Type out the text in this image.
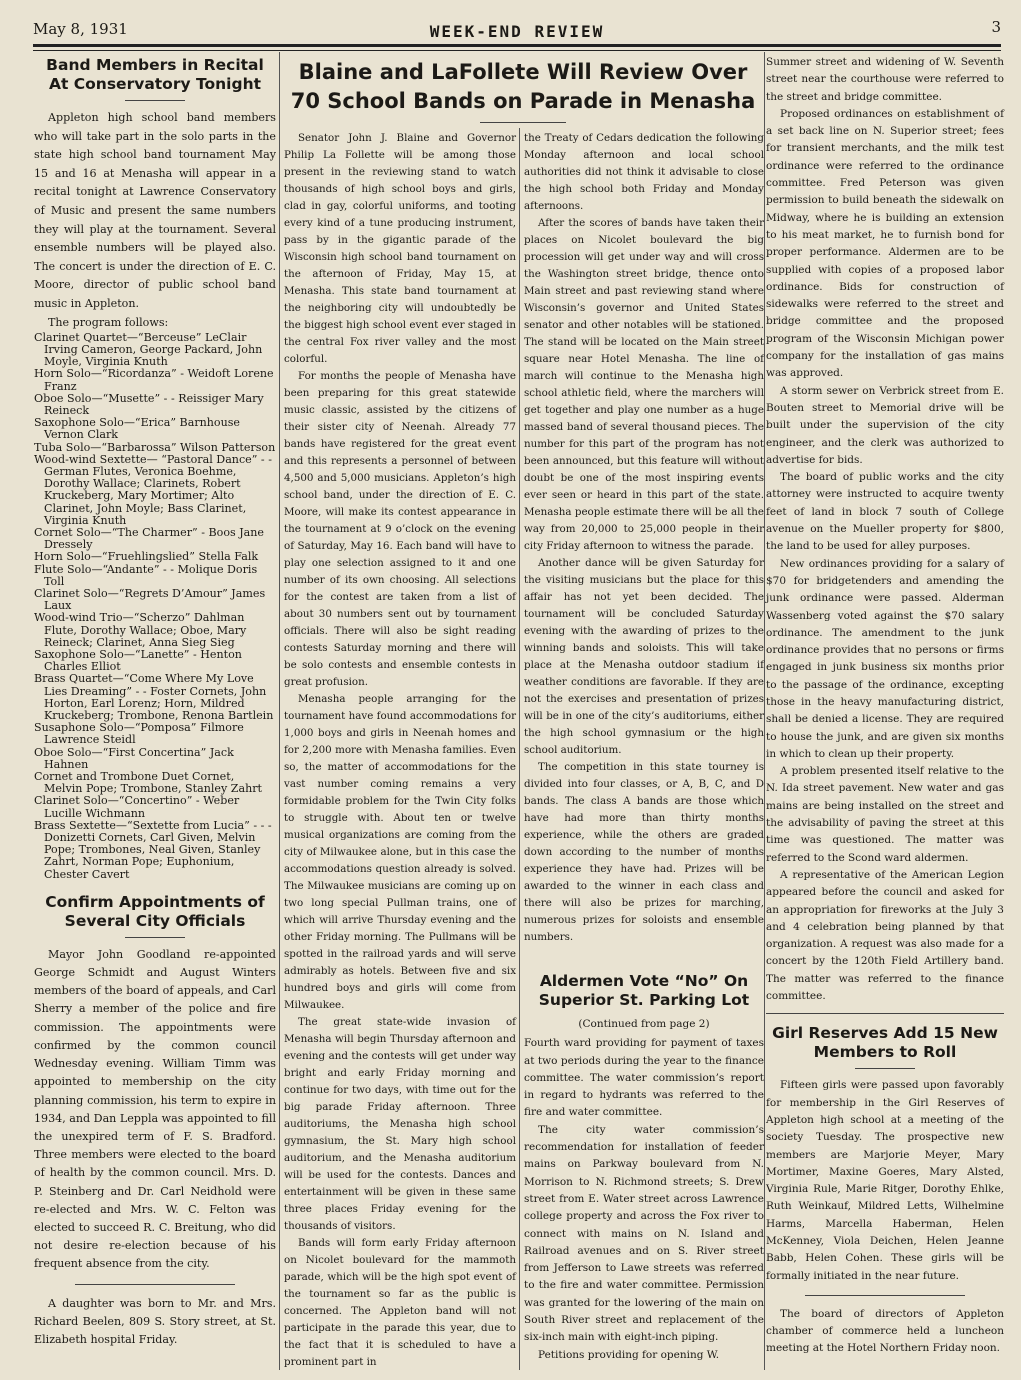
May 8, 1931	WEEK-END REVIEW	3
Band Members in Recital At Conservatory Tonight

Appleton high school band members who will take part in the solo parts in the state high school band tournament May 15 and 16 at Menasha will appear in a recital tonight at Lawrence Conservatory of Music and present the same numbers they will play at the tournament. Several ensemble numbers will be played also. The concert is under the direction of E. C. Moore, director of public school band music in Appleton.

The program follows:

Clarinet Quartet—“Berceuse” LeClair Irving Cameron, George Packard, John Moyle, Virginia Knuth
Horn Solo—“Ricordanza” - Weidoft Lorene Franz
Oboe Solo—“Musette” - - Reissiger Mary Reineck
Saxophone Solo—“Erica” Barnhouse Vernon Clark
Tuba Solo—“Barbarossa” Wilson Patterson
Wood-wind Sextette— “Pastoral Dance” - - German Flutes, Veronica Boehme, Dorothy Wallace; Clarinets, Robert Kruckeberg, Mary Mortimer; Alto Clarinet, John Moyle; Bass Clarinet, Virginia Knuth
Cornet Solo—“The Charmer” - Boos Jane Dressely
Horn Solo—“Fruehlingslied” Stella Falk
Flute Solo—“Andante” - - Molique Doris Toll
Clarinet Solo—“Regrets D’Amour” James Laux
Wood-wind Trio—“Scherzo” Dahlman Flute, Dorothy Wallace; Oboe, Mary Reineck; Clarinet, Anna Sieg Sieg
Saxophone Solo—“Lanette” - Henton Charles Elliot
Brass Quartet—“Come Where My Love Lies Dreaming” - - Foster Cornets, John Horton, Earl Lorenz; Horn, Mildred Kruckeberg; Trombone, Renona Bartlein
Susaphone Solo—“Pomposa” Filmore Lawrence Steidl
Oboe Solo—“First Concertina” Jack Hahnen
Cornet and Trombone Duet Cornet, Melvin Pope; Trombone, Stanley Zahrt
Clarinet Solo—“Concertino” - Weber Lucille Wichmann
Brass Sextette—“Sextette from Lucia” - - - Donizetti Cornets, Carl Given, Melvin Pope; Trombones, Neal Given, Stanley Zahrt, Norman Pope; Euphonium, Chester Cavert
Confirm Appointments of Several City Officials

Mayor John Goodland re-appointed George Schmidt and August Winters members of the board of appeals, and Carl Sherry a member of the police and fire commission. The appointments were confirmed by the common council Wednesday evening. William Timm was appointed to membership on the city planning commission, his term to expire in 1934, and Dan Leppla was appointed to fill the unexpired term of F. S. Bradford. Three members were elected to the board of health by the common council. Mrs. D. P. Steinberg and Dr. Carl Neidhold were re-elected and Mrs. W. C. Felton was elected to succeed R. C. Breitung, who did not desire re-election because of his frequent absence from the city.

A daughter was born to Mr. and Mrs. Richard Beelen, 809 S. Story street, at St. Elizabeth hospital Friday.

Blaine and LaFollete Will Review Over 70 School Bands on Parade in Menasha

Senator John J. Blaine and Governor Philip La Follette will be among those present in the reviewing stand to watch thousands of high school boys and girls, clad in gay, colorful uniforms, and tooting every kind of a tune producing instrument, pass by in the gigantic parade of the Wisconsin high school band tournament on the afternoon of Friday, May 15, at Menasha. This state band tournament at the neighboring city will undoubtedly be the biggest high school event ever staged in the central Fox river valley and the most colorful.

For months the people of Menasha have been preparing for this great statewide music classic, assisted by the citizens of their sister city of Neenah. Already 77 bands have registered for the great event and this represents a personnel of between 4,500 and 5,000 musicians. Appleton’s high school band, under the direction of E. C. Moore, will make its contest appearance in the tournament at 9 o’clock on the evening of Saturday, May 16. Each band will have to play one selection assigned to it and one number of its own choosing. All selections for the contest are taken from a list of about 30 numbers sent out by tournament officials. There will also be sight reading contests Saturday morning and there will be solo contests and ensemble contests in great profusion.

Menasha people arranging for the tournament have found accommodations for 1,000 boys and girls in Neenah homes and for 2,200 more with Menasha families. Even so, the matter of accommodations for the vast number coming remains a very formidable problem for the Twin City folks to struggle with. About ten or twelve musical organizations are coming from the city of Milwaukee alone, but in this case the accommodations question already is solved. The Milwaukee musicians are coming up on two long special Pullman trains, one of which will arrive Thursday evening and the other Friday morning. The Pullmans will be spotted in the railroad yards and will serve admirably as hotels. Between five and six hundred boys and girls will come from Milwaukee.

The great state-wide invasion of Menasha will begin Thursday afternoon and evening and the contests will get under way bright and early Friday morning and continue for two days, with time out for the big parade Friday afternoon. Three auditoriums, the Menasha high school gymnasium, the St. Mary high school auditorium, and the Menasha auditorium will be used for the contests. Dances and entertainment will be given in these same three places Friday evening for the thousands of visitors.

Bands will form early Friday afternoon on Nicolet boulevard for the mammoth parade, which will be the high spot event of the tournament so far as the public is concerned. The Appleton band will not participate in the parade this year, due to the fact that it is scheduled to have a prominent part in

the Treaty of Cedars dedication the following Monday afternoon and local school authorities did not think it advisable to close the high school both Friday and Monday afternoons.

After the scores of bands have taken their places on Nicolet boulevard the big procession will get under way and will cross the Washington street bridge, thence onto Main street and past reviewing stand where Wisconsin’s governor and United States senator and other notables will be stationed. The stand will be located on the Main street square near Hotel Menasha. The line of march will continue to the Menasha high school athletic field, where the marchers will get together and play one number as a huge massed band of several thousand pieces. The number for this part of the program has not been announced, but this feature will without doubt be one of the most inspiring events ever seen or heard in this part of the state. Menasha people estimate there will be all the way from 20,000 to 25,000 people in their city Friday afternoon to witness the parade.

Another dance will be given Saturday for the visiting musicians but the place for this affair has not yet been decided. The tournament will be concluded Saturday evening with the awarding of prizes to the winning bands and soloists. This will take place at the Menasha outdoor stadium if weather conditions are favorable. If they are not the exercises and presentation of prizes will be in one of the city’s auditoriums, either the high school gymnasium or the high school auditorium.

The competition in this state tourney is divided into four classes, or A, B, C, and D bands. The class A bands are those which have had more than thirty months experience, while the others are graded down according to the number of months experience they have had. Prizes will be awarded to the winner in each class and there will also be prizes for marching, numerous prizes for soloists and ensemble numbers.

Aldermen Vote “No” On Superior St. Parking Lot
(Continued from page 2)

Fourth ward providing for payment of taxes at two periods during the year to the finance committee. The water commission’s report in regard to hydrants was referred to the fire and water committee.

The city water commission’s recommendation for installation of feeder mains on Parkway boulevard from N. Morrison to N. Richmond streets; S. Drew street from E. Water street across Lawrence college property and across the Fox river to connect with mains on N. Island and Railroad avenues and on S. River street from Jefferson to Lawe streets was referred to the fire and water committee. Permission was granted for the lowering of the main on South River street and replacement of the six-inch main with eight-inch piping.

Petitions providing for opening W.

Summer street and widening of W. Seventh street near the courthouse were referred to the street and bridge committee.

Proposed ordinances on establishment of a set back line on N. Superior street; fees for transient merchants, and the milk test ordinance were referred to the ordinance committee. Fred Peterson was given permission to build beneath the sidewalk on Midway, where he is building an extension to his meat market, he to furnish bond for proper performance. Aldermen are to be supplied with copies of a proposed labor ordinance. Bids for construction of sidewalks were referred to the street and bridge committee and the proposed program of the Wisconsin Michigan power company for the installation of gas mains was approved.

A storm sewer on Verbrick street from E. Bouten street to Memorial drive will be built under the supervision of the city engineer, and the clerk was authorized to advertise for bids.

The board of public works and the city attorney were instructed to acquire twenty feet of land in block 7 south of College avenue on the Mueller property for $800, the land to be used for alley purposes.

New ordinances providing for a salary of $70 for bridgetenders and amending the junk ordinance were passed. Alderman Wassenberg voted against the $70 salary ordinance. The amendment to the junk ordinance provides that no persons or firms engaged in junk business six months prior to the passage of the ordinance, excepting those in the heavy manufacturing district, shall be denied a license. They are required to house the junk, and are given six months in which to clean up their property.

A problem presented itself relative to the N. Ida street pavement. New water and gas mains are being installed on the street and the advisability of paving the street at this time was questioned. The matter was referred to the Scond ward aldermen.

A representative of the American Legion appeared before the council and asked for an appropriation for fireworks at the July 3 and 4 celebration being planned by that organization. A request was also made for a concert by the 120th Field Artillery band. The matter was referred to the finance committee.

Girl Reserves Add 15 New Members to Roll

Fifteen girls were passed upon favorably for membership in the Girl Reserves of Appleton high school at a meeting of the society Tuesday. The prospective new members are Marjorie Meyer, Mary Mortimer, Maxine Goeres, Mary Alsted, Virginia Rule, Marie Ritger, Dorothy Ehlke, Ruth Weinkauf, Mildred Letts, Wilhelmine Harms, Marcella Haberman, Helen McKenney, Viola Deichen, Helen Jeanne Babb, Helen Cohen. These girls will be formally initiated in the near future.

The board of directors of Appleton chamber of commerce held a luncheon meeting at the Hotel Northern Friday noon.
